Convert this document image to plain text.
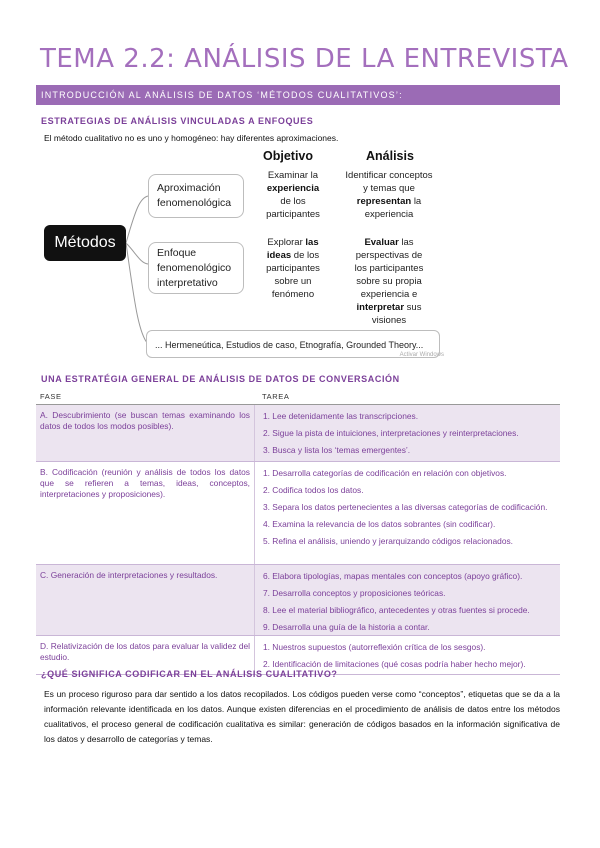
TEMA 2.2: ANÁLISIS DE LA ENTREVISTA
INTRODUCCIÓN AL ANÁLISIS DE DATOS ‘MÉTODOS CUALITATIVOS’:
ESTRATEGIAS DE ANÁLISIS VINCULADAS A ENFOQUES
El método cualitativo no es uno y homogéneo: hay diferentes aproximaciones.
Métodos
Aproximación
fenomenológica
Enfoque
fenomenológico
interpretativo
... Hermeneútica, Estudios de caso, Etnografía, Grounded Theory...
Activar Windows
Objetivo	Análisis
Examinar la
experiencia
de los
participantes
Identificar conceptos
y temas que
representan la
experiencia
Explorar las
ideas de los
participantes
sobre un
fenómeno
Evaluar las
perspectivas de
los participantes
sobre su propia
experiencia e
interpretar sus
visiones
UNA ESTRATÉGIA GENERAL DE ANÁLISIS DE DATOS DE CONVERSACIÓN
FASE	TAREA
A. Descubrimiento (se buscan temas examinando los datos de todos los modos posibles).
1. Lee detenidamente las transcripciones.
2. Sigue la pista de intuiciones, interpretaciones y reinterpretaciones.
3. Busca y lista los ‘temas emergentes’.
B. Codificación (reunión y análisis de todos los datos que se refieren a temas, ideas, conceptos, interpretaciones y proposiciones).
1. Desarrolla categorías de codificación en relación con objetivos.
2. Codifica todos los datos.
3. Separa los datos pertenecientes a las diversas categorías de codificación.
4. Examina la relevancia de los datos sobrantes (sin codificar).
5. Refina el análisis, uniendo y jerarquizando códigos relacionados.
C. Generación de interpretaciones y resultados.	6. Elabora tipologías, mapas mentales con conceptos (apoyo gráfico).
7. Desarrolla conceptos y proposiciones teóricas.
8. Lee el material bibliográfico, antecedentes y otras fuentes si procede.
9. Desarrolla una guía de la historia a contar.
D. Relativización de los datos para evaluar la validez del estudio.
1. Nuestros supuestos (autorreflexión crítica de los sesgos).
2. Identificación de limitaciones (qué cosas podría haber hecho mejor).
¿QUÉ SIGNIFICA CODIFICAR EN EL ANÁLISIS CUALITATIVO?
Es un proceso riguroso para dar sentido a los datos recopilados. Los códigos pueden verse como “conceptos”, etiquetas que se da a la información relevante identificada en los datos. Aunque existen diferencias en el procedimiento de análisis de datos entre los métodos cualitativos, el proceso general de codificación cualitativa es similar: generación de códigos basados en la información significativa de los datos y desarrollo de categorías y temas.
